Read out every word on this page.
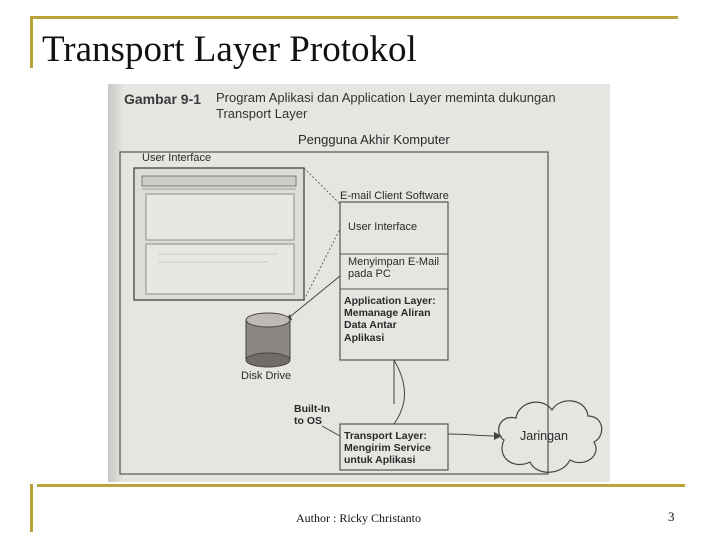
Transport Layer Protokol
Gambar 9-1 Program Aplikasi dan Application Layer meminta dukungan
Transport Layer
Pengguna Akhir Komputer
User Interface
E-mail Client Software
User Interface
Menyimpan E-Mail
pada PC
Application Layer:
Memanage Aliran
Data Antar
Aplikasi
Disk Drive
Built-In
to OS
Transport Layer:
Mengirim Service
untuk Aplikasi
Jaringan
Author : Ricky Christanto	3
